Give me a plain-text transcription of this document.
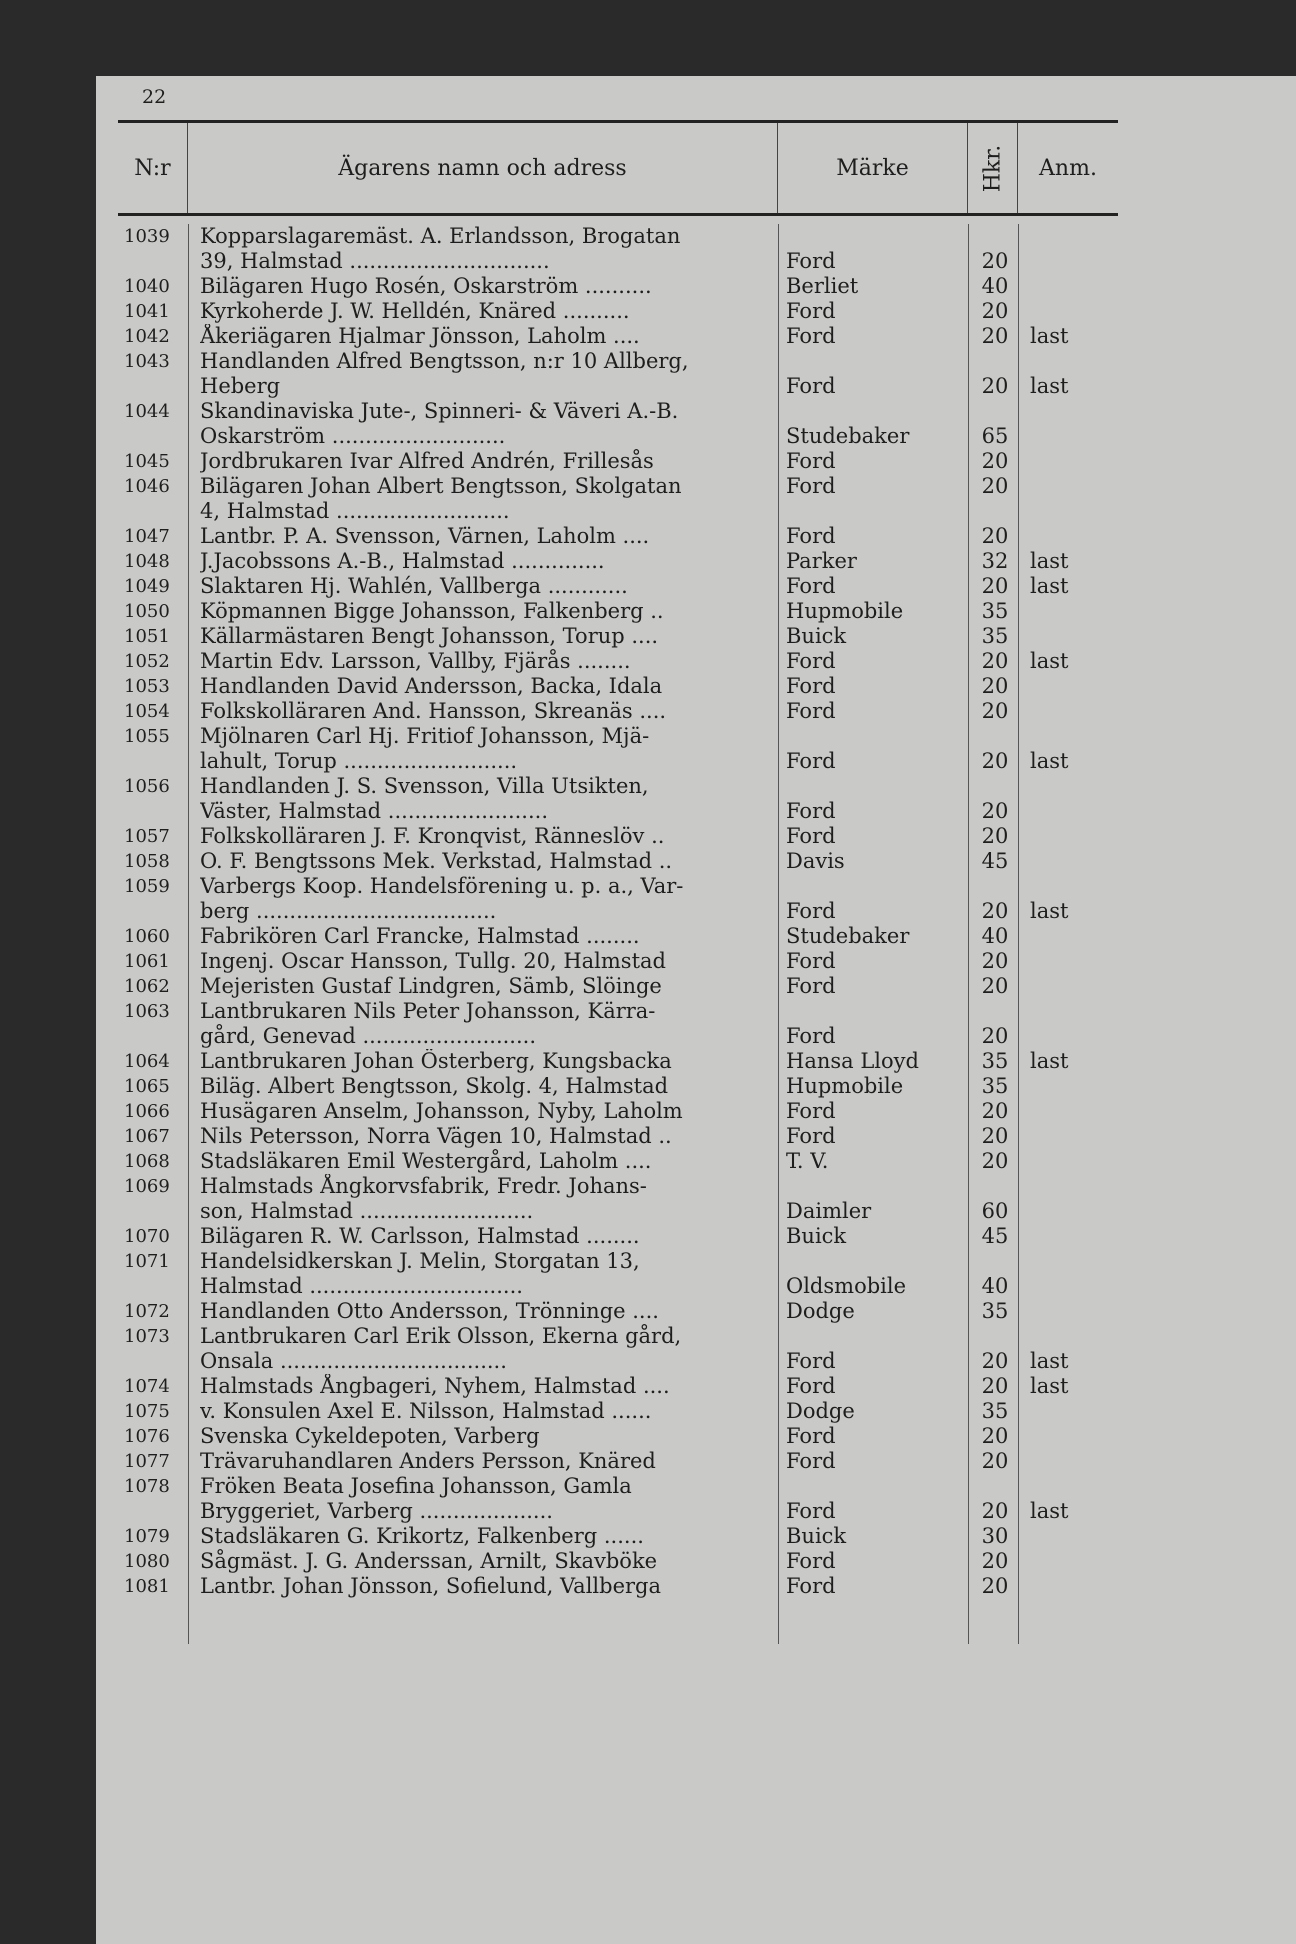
22
N:r	Ägarens namn och adress	Märke	Hkr.	Anm.
1039	Kopparslagaremäst. A. Erlandsson, Brogatan
39, Halmstad ..............................	Ford	20
1040	Bilägaren Hugo Rosén, Oskarström ..........	Berliet	40
1041	Kyrkoherde J. W. Helldén, Knäred ..........	Ford	20
1042	Åkeriägaren Hjalmar Jönsson, Laholm ....	Ford	20 last
1043	Handlanden Alfred Bengtsson, n:r 10 Allberg,
Heberg	Ford	20 last
1044	Skandinaviska Jute-, Spinneri- & Väveri A.-B.
Oskarström ..........................	Studebaker	65
1045	Jordbrukaren Ivar Alfred Andrén, Frillesås	Ford	20
1046	Bilägaren Johan Albert Bengtsson, Skolgatan	Ford	20
4, Halmstad ..........................
1047	Lantbr. P. A. Svensson, Värnen, Laholm ....	Ford	20
1048	J.Jacobssons A.-B., Halmstad ..............	Parker	32 last
1049	Slaktaren Hj. Wahlén, Vallberga ............	Ford	20 last
1050	Köpmannen Bigge Johansson, Falkenberg ..	Hupmobile	35
1051	Källarmästaren Bengt Johansson, Torup ....	Buick	35
1052	Martin Edv. Larsson, Vallby, Fjärås ........	Ford	20 last
1053	Handlanden David Andersson, Backa, Idala	Ford	20
1054	Folkskolläraren And. Hansson, Skreanäs ....	Ford	20
1055	Mjölnaren Carl Hj. Fritiof Johansson, Mjä-
lahult, Torup ..........................	Ford	20 last
1056	Handlanden J. S. Svensson, Villa Utsikten,
Väster, Halmstad ........................	Ford	20
1057	Folkskolläraren J. F. Kronqvist, Ränneslöv ..	Ford	20
1058	O. F. Bengtssons Mek. Verkstad, Halmstad ..	Davis	45
1059	Varbergs Koop. Handelsförening u. p. a., Var-
berg ....................................	Ford	20 last
1060	Fabrikören Carl Francke, Halmstad ........	Studebaker	40
1061	Ingenj. Oscar Hansson, Tullg. 20, Halmstad	Ford	20
1062	Mejeristen Gustaf Lindgren, Sämb, Slöinge	Ford	20
1063	Lantbrukaren Nils Peter Johansson, Kärra-
gård, Genevad ..........................	Ford	20
1064	Lantbrukaren Johan Österberg, Kungsbacka	Hansa Lloyd	35 last
1065	Biläg. Albert Bengtsson, Skolg. 4, Halmstad	Hupmobile	35
1066	Husägaren Anselm, Johansson, Nyby, Laholm	Ford	20
1067	Nils Petersson, Norra Vägen 10, Halmstad ..	Ford	20
1068	Stadsläkaren Emil Westergård, Laholm ....	T. V.	20
1069	Halmstads Ångkorvsfabrik, Fredr. Johans-
son, Halmstad ..........................	Daimler	60
1070	Bilägaren R. W. Carlsson, Halmstad ........	Buick	45
1071	Handelsidkerskan J. Melin, Storgatan 13,
Halmstad ................................	Oldsmobile	40
1072	Handlanden Otto Andersson, Trönninge ....	Dodge	35
1073	Lantbrukaren Carl Erik Olsson, Ekerna gård,
Onsala ..................................	Ford	20 last
1074	Halmstads Ångbageri, Nyhem, Halmstad ....	Ford	20 last
1075	v. Konsulen Axel E. Nilsson, Halmstad ......	Dodge	35
1076	Svenska Cykeldepoten, Varberg	Ford	20
1077	Trävaruhandlaren Anders Persson, Knäred	Ford	20
1078	Fröken Beata Josefina Johansson, Gamla
Bryggeriet, Varberg ....................	Ford	20 last
1079	Stadsläkaren G. Krikortz, Falkenberg ......	Buick	30
1080	Sågmäst. J. G. Anderssan, Arnilt, Skavböke	Ford	20
1081	Lantbr. Johan Jönsson, Sofielund, Vallberga	Ford	20
